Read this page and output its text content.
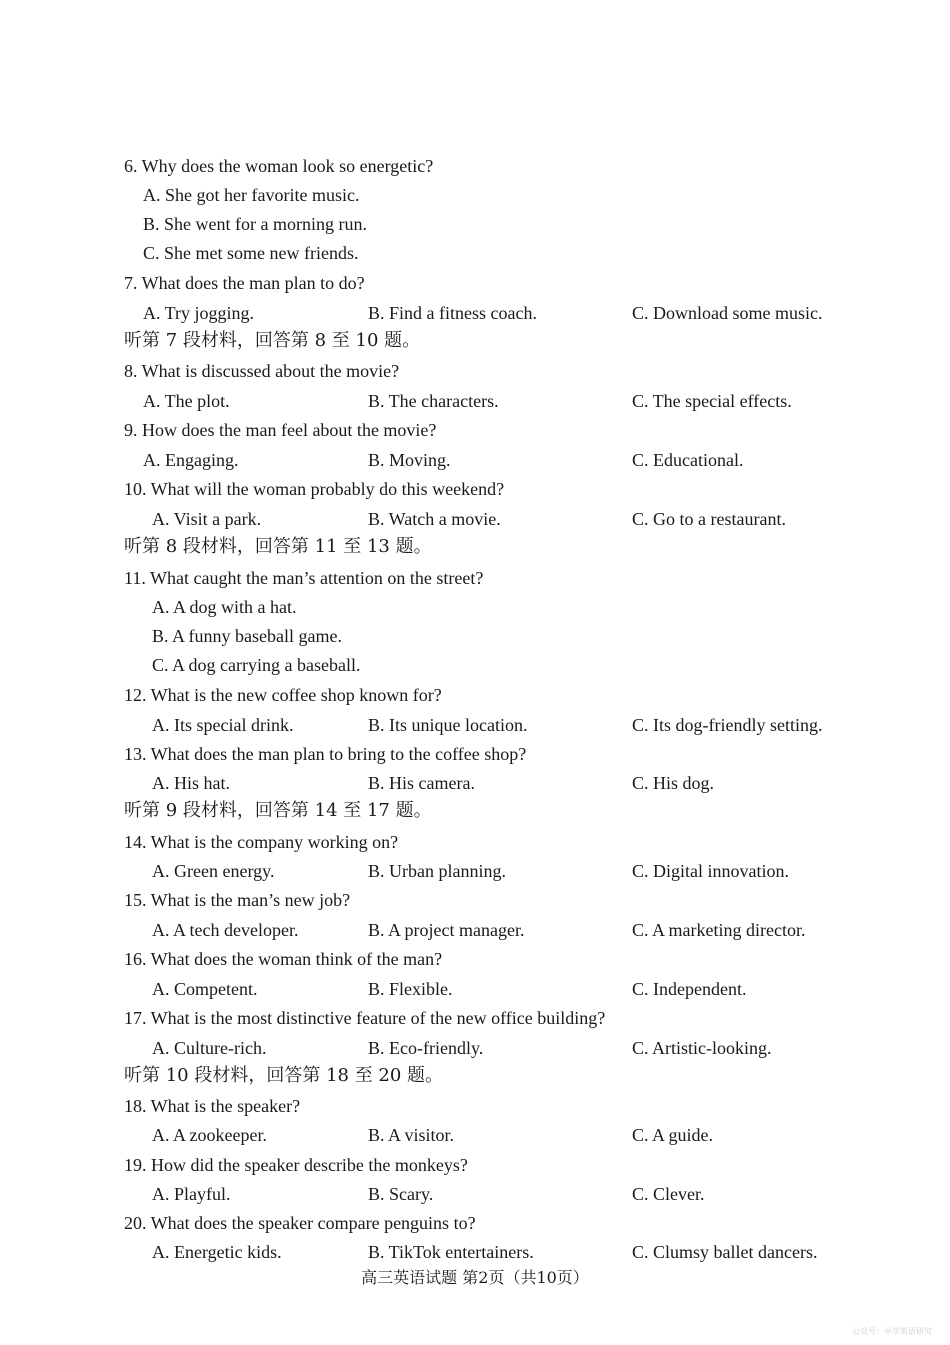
6. Why does the woman look so energetic?
A. She got her favorite music.
B. She went for a morning run.
C. She met some new friends.
7. What does the man plan to do?
A. Try jogging.	B. Find a fitness coach.	C. Download some music.
听第 7 段材料，回答第 8 至 10 题。
8. What is discussed about the movie?
A. The plot.	B. The characters.	C. The special effects.
9. How does the man feel about the movie?
A. Engaging.	B. Moving.	C. Educational.
10. What will the woman probably do this weekend?
A. Visit a park.	B. Watch a movie.	C. Go to a restaurant.
听第 8 段材料，回答第 11 至 13 题。
11. What caught the man’s attention on the street?
A. A dog with a hat.
B. A funny baseball game.
C. A dog carrying a baseball.
12. What is the new coffee shop known for?
A. Its special drink.	B. Its unique location.	C. Its dog-friendly setting.
13. What does the man plan to bring to the coffee shop?
A. His hat.	B. His camera.	C. His dog.
听第 9 段材料，回答第 14 至 17 题。
14. What is the company working on?
A. Green energy.	B. Urban planning.	C. Digital innovation.
15. What is the man’s new job?
A. A tech developer.	B. A project manager.	C. A marketing director.
16. What does the woman think of the man?
A. Competent.	B. Flexible.	C. Independent.
17. What is the most distinctive feature of the new office building?
A. Culture-rich.	B. Eco-friendly.	C. Artistic-looking.
听第 10 段材料，回答第 18 至 20 题。
18. What is the speaker?
A. A zookeeper.	B. A visitor.	C. A guide.
19. How did the speaker describe the monkeys?
A. Playful.	B. Scary.	C. Clever.
20. What does the speaker compare penguins to?
A. Energetic kids.	B. TikTok entertainers.	C. Clumsy ballet dancers.
高三英语试题 第2页（共10页）
公众号：中学英语研究
